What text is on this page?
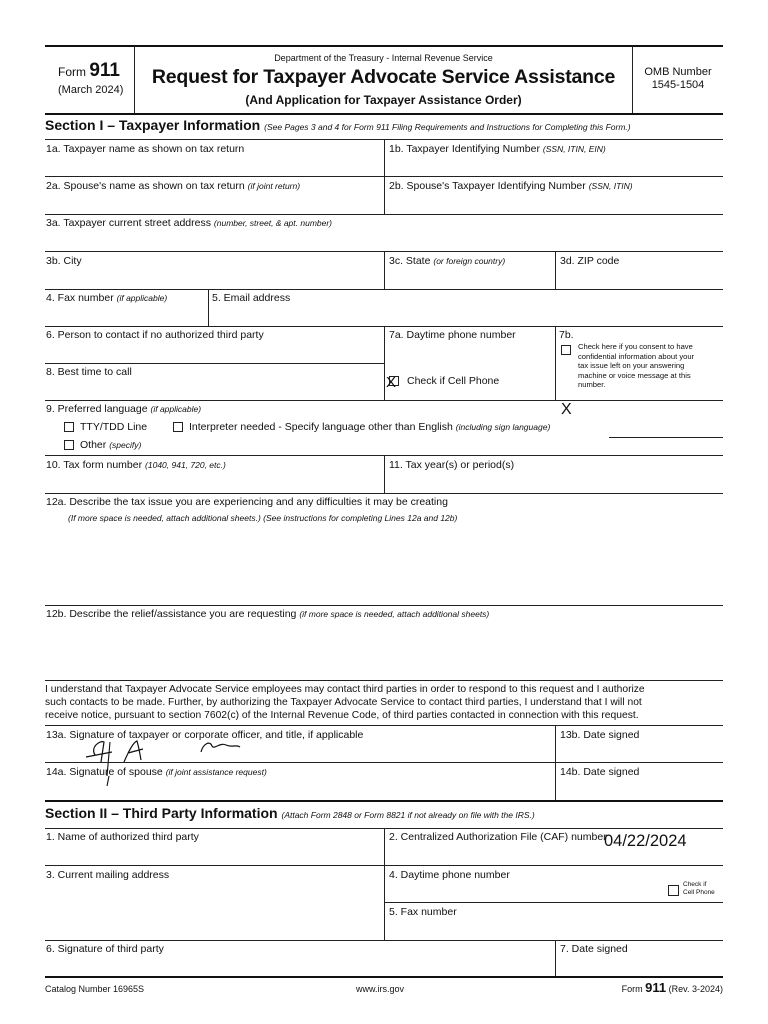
Form 911
(March 2024)
Department of the Treasury - Internal Revenue Service
Request for Taxpayer Advocate Service Assistance
(And Application for Taxpayer Assistance Order)
OMB Number
1545-1504
Section I – Taxpayer Information (See Pages 3 and 4 for Form 911 Filing Requirements and Instructions for Completing this Form.)
1a. Taxpayer name as shown on tax return	1b. Taxpayer Identifying Number (SSN, ITIN, EIN)
2a. Spouse's name as shown on tax return (if joint return)	2b. Spouse's Taxpayer Identifying Number (SSN, ITIN)
3a. Taxpayer current street address (number, street, & apt. number)
3b. City	3c. State (or foreign country)	3d. ZIP code
4. Fax number (if applicable)	5. Email address
6. Person to contact if no authorized third party	7a. Daytime phone number	7b.
Check here if you consent to have
confidential information about your
tax issue left on your answering
machine or voice message at this
number.
8. Best time to call
X Check if Cell Phone
X
9. Preferred language (if applicable)
TTY/TDD Line	Interpreter needed - Specify language other than English (including sign language)
Other (specify)
10. Tax form number (1040, 941, 720, etc.)	11. Tax year(s) or period(s)
12a. Describe the tax issue you are experiencing and any difficulties it may be creating
(If more space is needed, attach additional sheets.) (See instructions for completing Lines 12a and 12b)
12b. Describe the relief/assistance you are requesting (if more space is needed, attach additional sheets)
I understand that Taxpayer Advocate Service employees may contact third parties in order to respond to this request and I authorize
such contacts to be made. Further, by authorizing the Taxpayer Advocate Service to contact third parties, I understand that I will not
receive notice, pursuant to section 7602(c) of the Internal Revenue Code, of third parties contacted in connection with this request.
13a. Signature of taxpayer or corporate officer, and title, if applicable	13b. Date signed
14a. Signature of spouse (if joint assistance request)	14b. Date signed
Section II – Third Party Information (Attach Form 2848 or Form 8821 if not already on file with the IRS.)
1. Name of authorized third party	2. Centralized Authorization File (CAF) number
04/22/2024
3. Current mailing address	4. Daytime phone number
Check if
Cell Phone
5. Fax number
6. Signature of third party	7. Date signed
Catalog Number 16965S	www.irs.gov	Form 911 (Rev. 3-2024)
